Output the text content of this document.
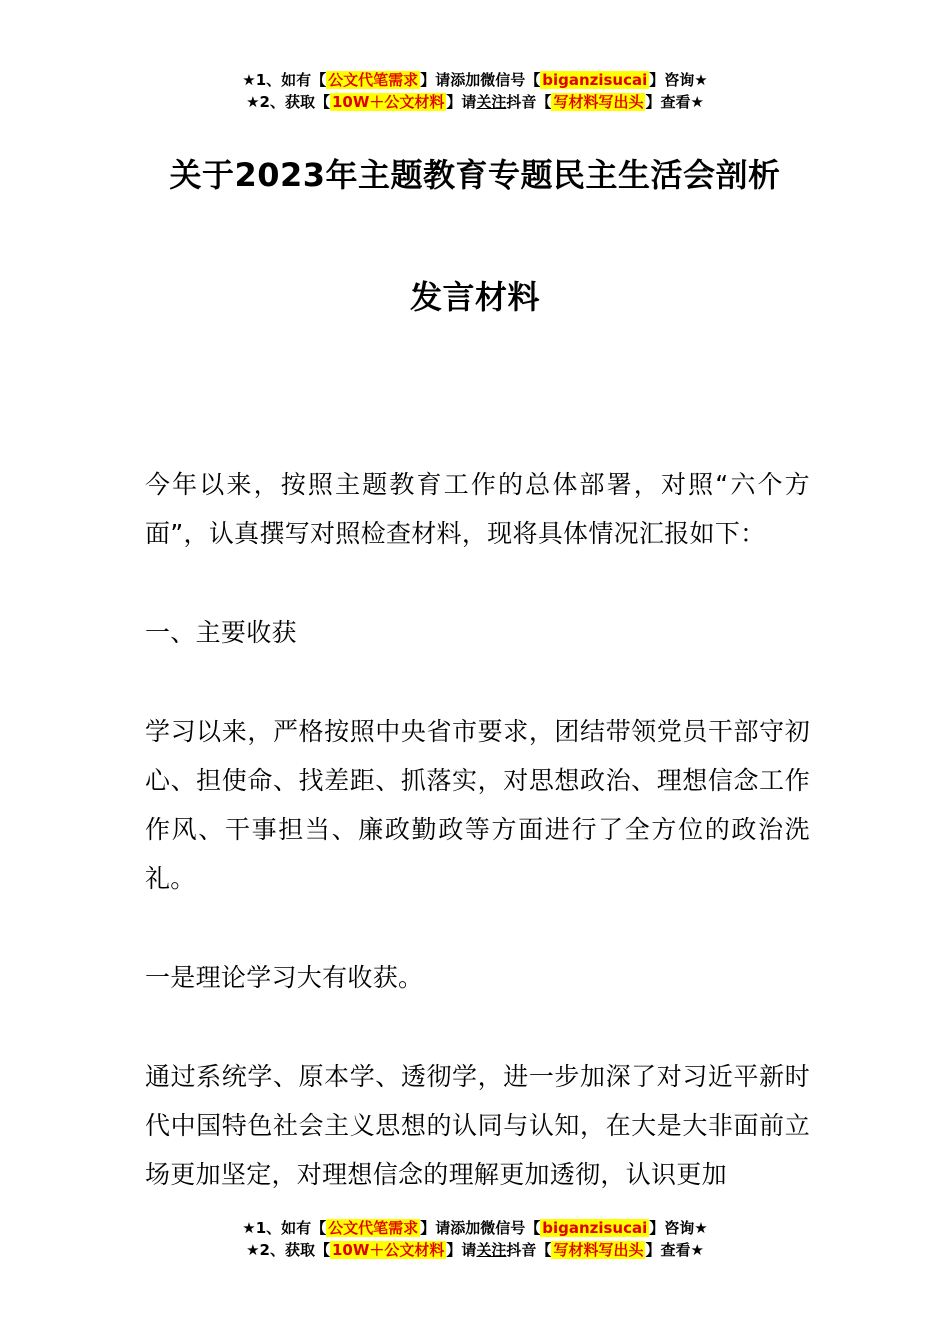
★1、如有【 公文代笔需求 】请添加微信号【 biganzisucai 】咨询★
★2、获取【 10W＋公文材料 】请关注抖音【 写材料写出头 】查看★
关于2023年主题教育专题民主生活会剖析
发言材料

今年以来，按照主题教育工作的总体部署，对照“六个方面”，认真撰写对照检查材料，现将具体情况汇报如下：

一、主要收获

学习以来，严格按照中央省市要求，团结带领党员干部守初心、担使命、找差距、抓落实，对思想政治、理想信念工作作风、干事担当、廉政勤政等方面进行了全方位的政治洗礼。

一是理论学习大有收获。

通过系统学、原本学、透彻学，进一步加深了对习近平新时代中国特色社会主义思想的认同与认知，在大是大非面前立场更加坚定，对理想信念的理解更加透彻，认识更加

★1、如有【 公文代笔需求 】请添加微信号【 biganzisucai 】咨询★
★2、获取【 10W＋公文材料 】请关注抖音【 写材料写出头 】查看★
